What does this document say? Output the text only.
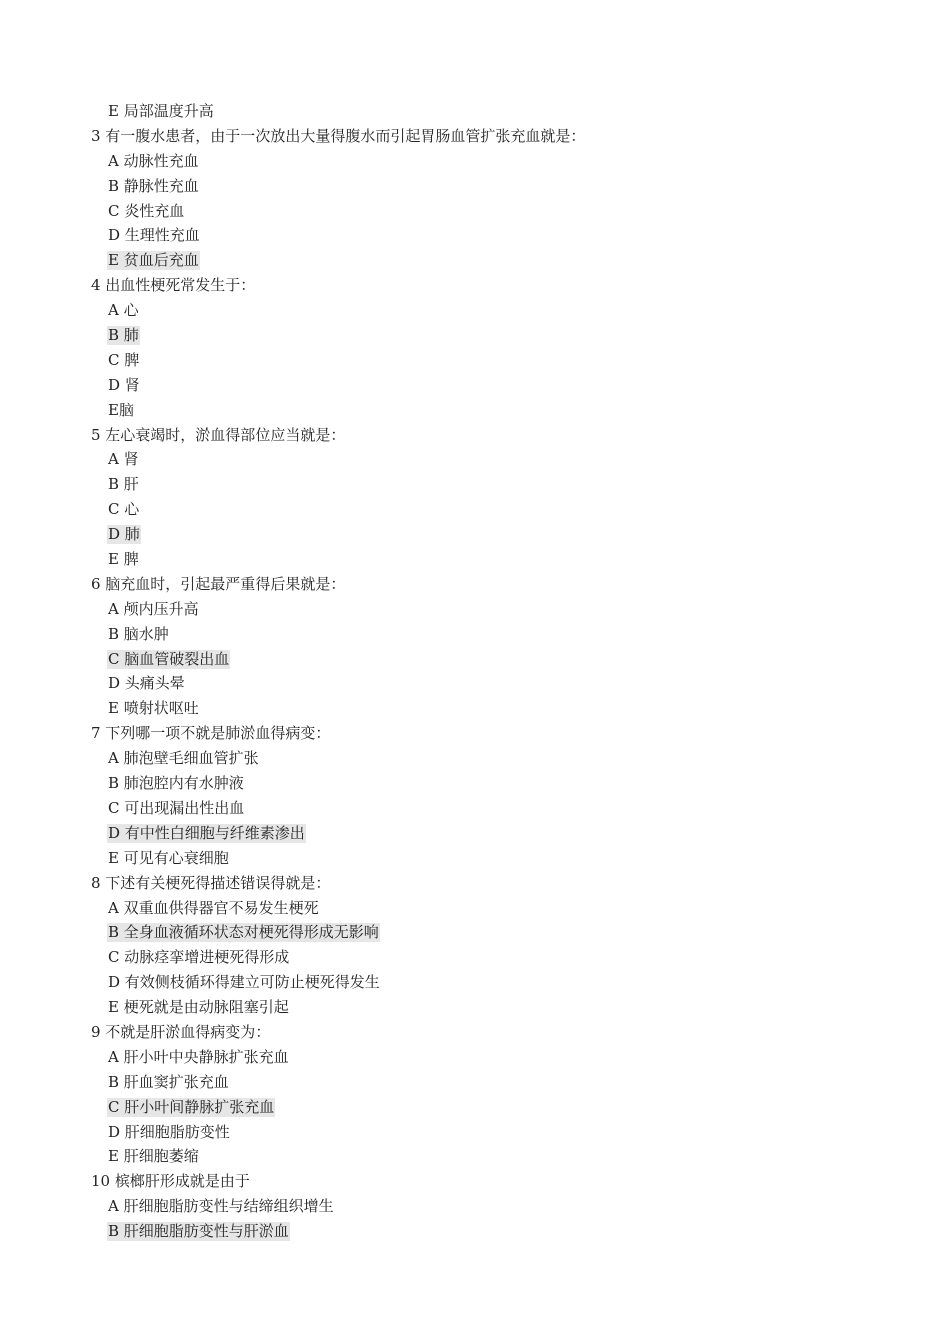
E 局部温度升高
3 有一腹水患者，由于一次放出大量得腹水而引起胃肠血管扩张充血就是：
A 动脉性充血
B 静脉性充血
C 炎性充血
D 生理性充血
E 贫血后充血
4 出血性梗死常发生于：
A 心
B 肺
C 脾
D 肾
E脑
5 左心衰竭时，淤血得部位应当就是：
A 肾
B 肝
C 心
D 肺
E 脾
6 脑充血时，引起最严重得后果就是：
A 颅内压升高
B 脑水肿
C 脑血管破裂出血
D 头痛头晕
E 喷射状呕吐
7 下列哪一项不就是肺淤血得病变：
A 肺泡壁毛细血管扩张
B 肺泡腔内有水肿液
C 可出现漏出性出血
D 有中性白细胞与纤维素渗出
E 可见有心衰细胞
8 下述有关梗死得描述错误得就是：
A 双重血供得器官不易发生梗死
B 全身血液循环状态对梗死得形成无影响
C 动脉痉挛增进梗死得形成
D 有效侧枝循环得建立可防止梗死得发生
E 梗死就是由动脉阻塞引起
9 不就是肝淤血得病变为：
A 肝小叶中央静脉扩张充血
B 肝血窦扩张充血
C 肝小叶间静脉扩张充血
D 肝细胞脂肪变性
E 肝细胞萎缩
10 槟榔肝形成就是由于
A 肝细胞脂肪变性与结缔组织增生
B 肝细胞脂肪变性与肝淤血
